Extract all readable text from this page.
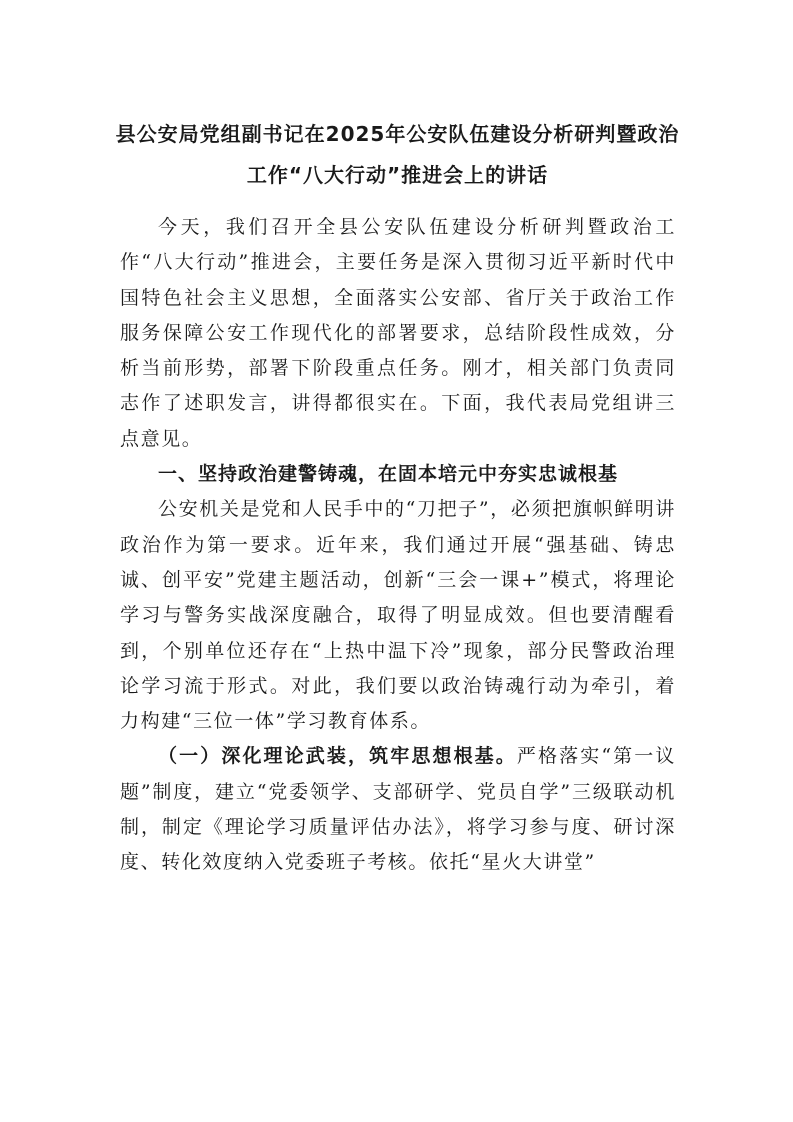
县公安局党组副书记在2025年公安队伍建设分析研判暨政治工作“八大行动”推进会上的讲话

今天，我们召开全县公安队伍建设分析研判暨政治工作“八大行动”推进会，主要任务是深入贯彻习近平新时代中国特色社会主义思想，全面落实公安部、省厅关于政治工作服务保障公安工作现代化的部署要求，总结阶段性成效，分析当前形势，部署下阶段重点任务。刚才，相关部门负责同志作了述职发言，讲得都很实在。下面，我代表局党组讲三点意见。

一、坚持政治建警铸魂，在固本培元中夯实忠诚根基

公安机关是党和人民手中的“刀把子”，必须把旗帜鲜明讲政治作为第一要求。近年来，我们通过开展“强基础、铸忠诚、创平安”党建主题活动，创新“三会一课+”模式，将理论学习与警务实战深度融合，取得了明显成效。但也要清醒看到，个别单位还存在“上热中温下冷”现象，部分民警政治理论学习流于形式。对此，我们要以政治铸魂行动为牵引，着力构建“三位一体”学习教育体系。

（一）深化理论武装，筑牢思想根基。严格落实“第一议题”制度，建立“党委领学、支部研学、党员自学”三级联动机制，制定《理论学习质量评估办法》，将学习参与度、研讨深度、转化效度纳入党委班子考核。依托“星火大讲堂”
